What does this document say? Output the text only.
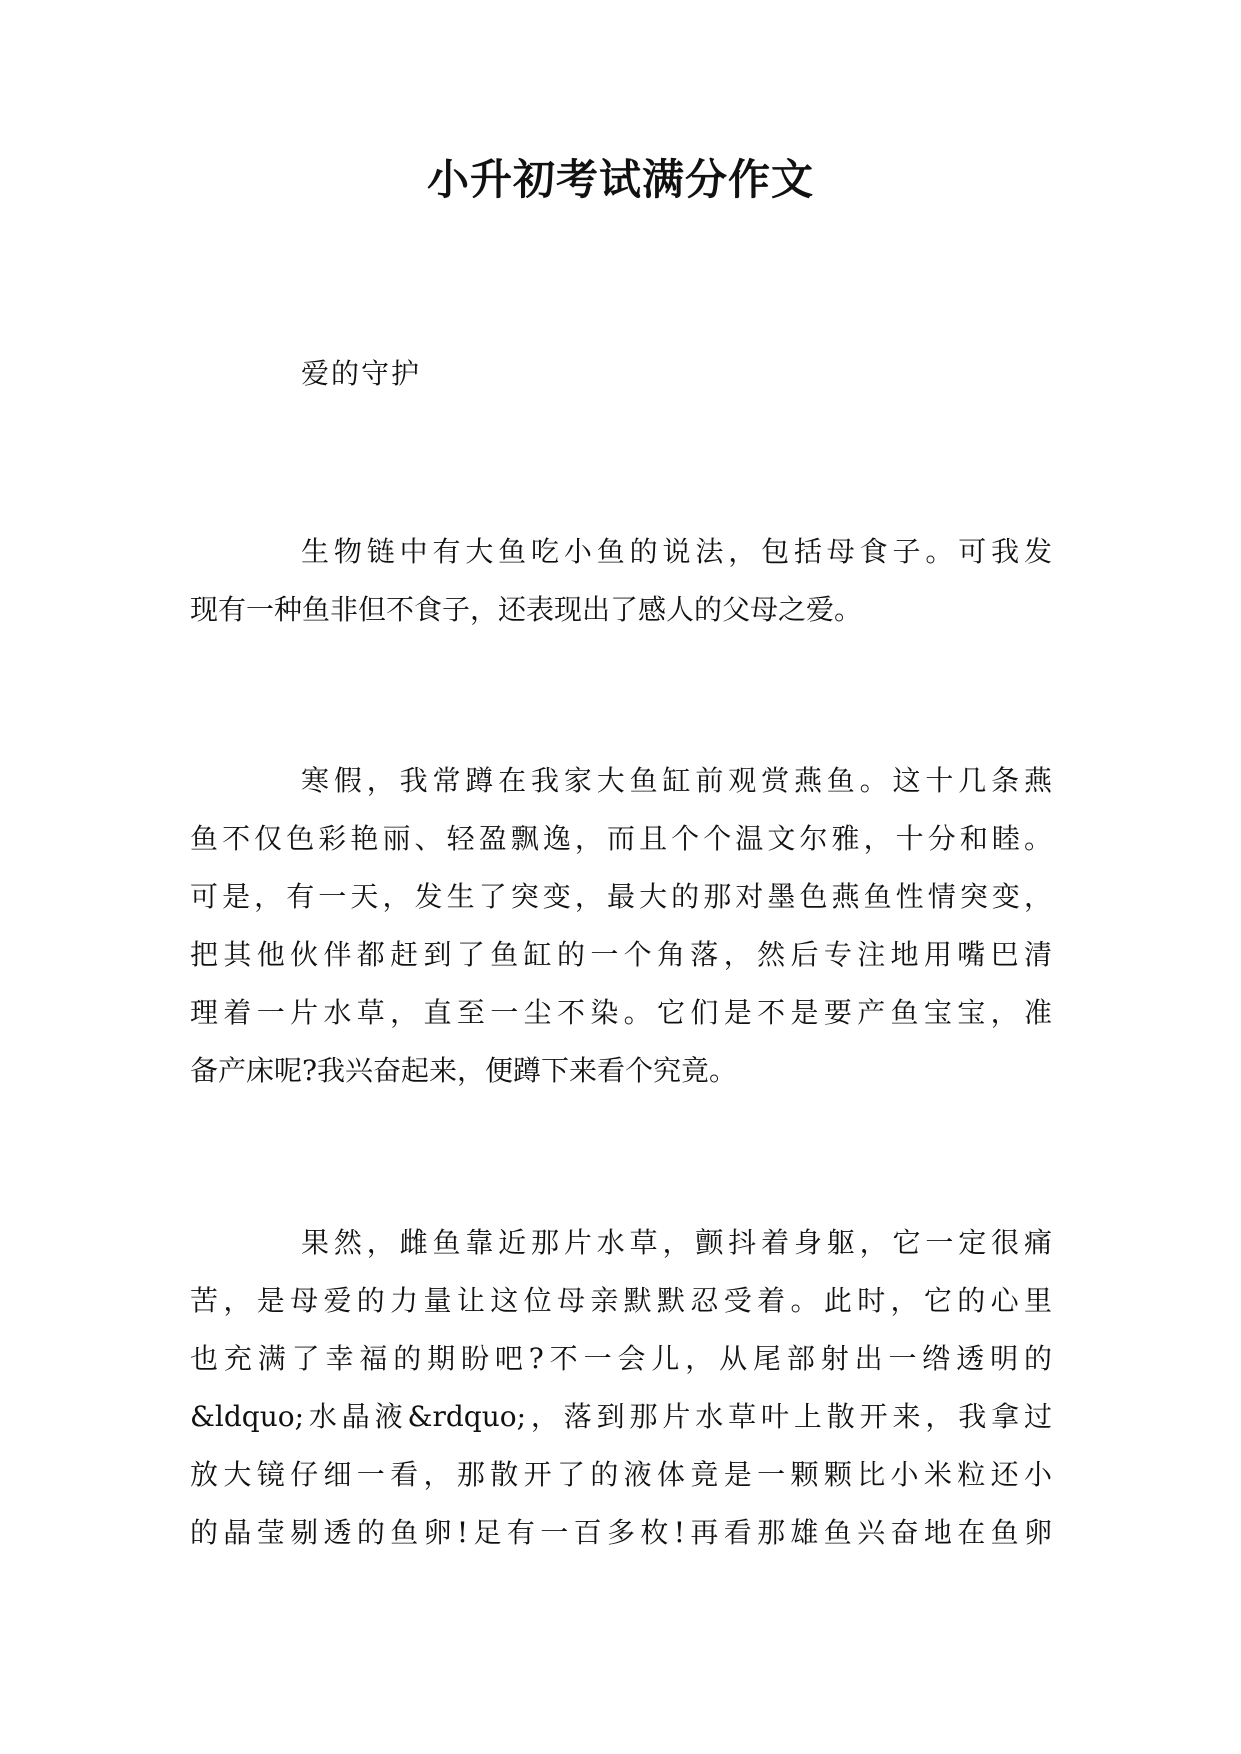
小升初考试满分作文

爱的守护

生物链中有大鱼吃小鱼的说法，包括母食子。可我发
现有一种鱼非但不食子，还表现出了感人的父母之爱。
寒假，我常蹲在我家大鱼缸前观赏燕鱼。这十几条燕
鱼不仅色彩艳丽、轻盈飘逸，而且个个温文尔雅，十分和睦。
可是，有一天，发生了突变，最大的那对墨色燕鱼性情突变，
把其他伙伴都赶到了鱼缸的一个角落，然后专注地用嘴巴清
理着一片水草，直至一尘不染。它们是不是要产鱼宝宝，准
备产床呢?我兴奋起来，便蹲下来看个究竟。
果然，雌鱼靠近那片水草，颤抖着身躯，它一定很痛
苦，是母爱的力量让这位母亲默默忍受着。此时，它的心里
也充满了幸福的期盼吧?不一会儿，从尾部射出一绺透明的
&ldquo;水晶液&rdquo;，落到那片水草叶上散开来，我拿过
放大镜仔细一看，那散开了的液体竟是一颗颗比小米粒还小
的晶莹剔透的鱼卵!足有一百多枚!再看那雄鱼兴奋地在鱼卵
